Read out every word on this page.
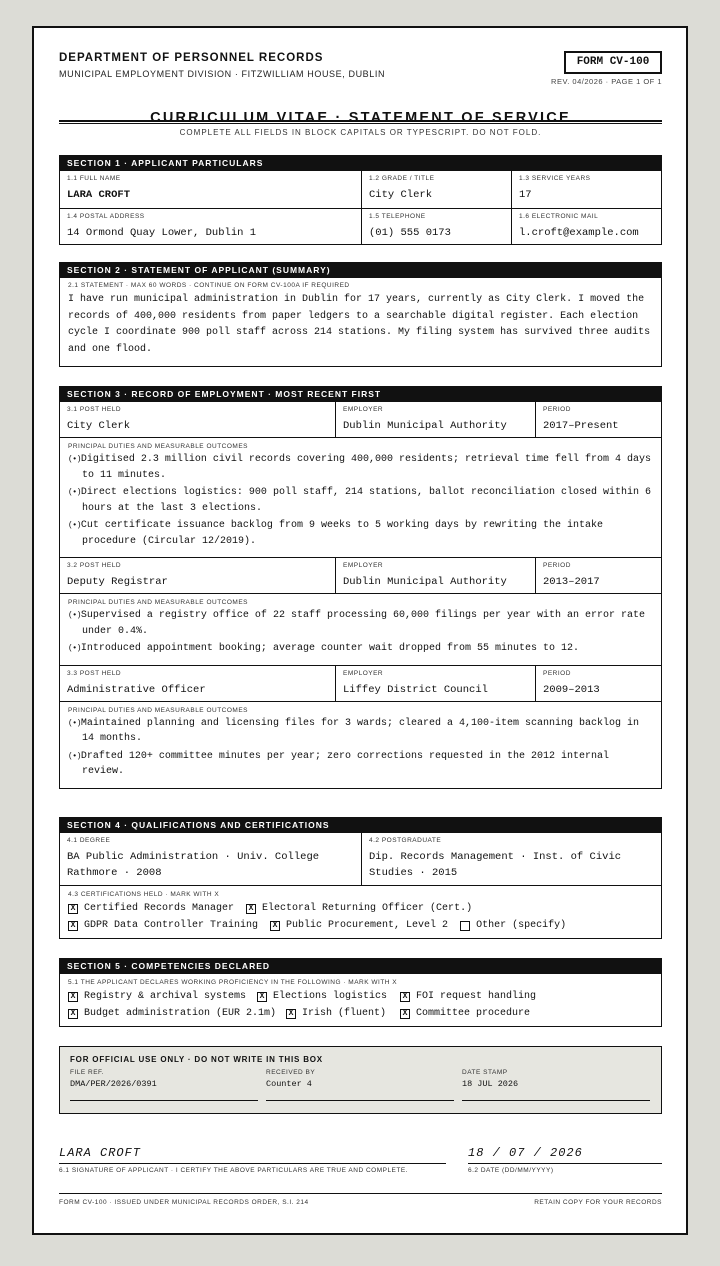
DEPARTMENT OF PERSONNEL RECORDS
MUNICIPAL EMPLOYMENT DIVISION · FITZWILLIAM HOUSE, DUBLIN
FORM CV-100
REV. 04/2026 · PAGE 1 OF 1
CURRICULUM VITAE · STATEMENT OF SERVICE
COMPLETE ALL FIELDS IN BLOCK CAPITALS OR TYPESCRIPT. DO NOT FOLD.
SECTION 1 · APPLICANT PARTICULARS
1.1 FULL NAME
LARA CROFT
1.2 GRADE / TITLE
City Clerk
1.3 SERVICE YEARS
17
1.4 POSTAL ADDRESS
14 Ormond Quay Lower, Dublin 1
1.5 TELEPHONE
(01) 555 0173
1.6 ELECTRONIC MAIL
l.croft@example.com
SECTION 2 · STATEMENT OF APPLICANT (SUMMARY)
2.1 STATEMENT · MAX 60 WORDS · CONTINUE ON FORM CV-100A IF REQUIRED
I have run municipal administration in Dublin for 17 years, currently as City Clerk. I moved the records of 400,000 residents from paper ledgers to a searchable digital register. Each election cycle I coordinate 900 poll staff across 214 stations. My filing system has survived three audits and one flood.
SECTION 3 · RECORD OF EMPLOYMENT · MOST RECENT FIRST
3.1 POST HELD
City Clerk
EMPLOYER
Dublin Municipal Authority
PERIOD
2017–Present
PRINCIPAL DUTIES AND MEASURABLE OUTCOMES
(•)Digitised 2.3 million civil records covering 400,000 residents; retrieval time fell from 4 days to 11 minutes.
(•)Direct elections logistics: 900 poll staff, 214 stations, ballot reconciliation closed within 6 hours at the last 3 elections.
(•)Cut certificate issuance backlog from 9 weeks to 5 working days by rewriting the intake procedure (Circular 12/2019).
3.2 POST HELD
Deputy Registrar
EMPLOYER
Dublin Municipal Authority
PERIOD
2013–2017
PRINCIPAL DUTIES AND MEASURABLE OUTCOMES
(•)Supervised a registry office of 22 staff processing 60,000 filings per year with an error rate under 0.4%.
(•)Introduced appointment booking; average counter wait dropped from 55 minutes to 12.
3.3 POST HELD
Administrative Officer
EMPLOYER
Liffey District Council
PERIOD
2009–2013
PRINCIPAL DUTIES AND MEASURABLE OUTCOMES
(•)Maintained planning and licensing files for 3 wards; cleared a 4,100-item scanning backlog in 14 months.
(•)Drafted 120+ committee minutes per year; zero corrections requested in the 2012 internal review.
SECTION 4 · QUALIFICATIONS AND CERTIFICATIONS
4.1 DEGREE
BA Public Administration · Univ. College Rathmore · 2008
4.2 POSTGRADUATE
Dip. Records Management · Inst. of Civic Studies · 2015
4.3 CERTIFICATIONS HELD · MARK WITH X
X Certified Records Manager	X Electoral Returning Officer (Cert.)
X GDPR Data Controller Training	X Public Procurement, Level 2	Other (specify)
SECTION 5 · COMPETENCIES DECLARED
5.1 THE APPLICANT DECLARES WORKING PROFICIENCY IN THE FOLLOWING · MARK WITH X
X Registry & archival systems	X Elections logistics	X FOI request handling
X Budget administration (EUR 2.1m)	X Irish (fluent)	X Committee procedure
FOR OFFICIAL USE ONLY · DO NOT WRITE IN THIS BOX
FILE REF.
DMA/PER/2026/0391
RECEIVED BY
Counter 4
DATE STAMP
18 JUL 2026
LARA CROFT
6.1 SIGNATURE OF APPLICANT · I CERTIFY THE ABOVE PARTICULARS ARE TRUE AND COMPLETE.
18 / 07 / 2026
6.2 DATE (DD/MM/YYYY)
FORM CV-100 · ISSUED UNDER MUNICIPAL RECORDS ORDER, S.I. 214	RETAIN COPY FOR YOUR RECORDS
